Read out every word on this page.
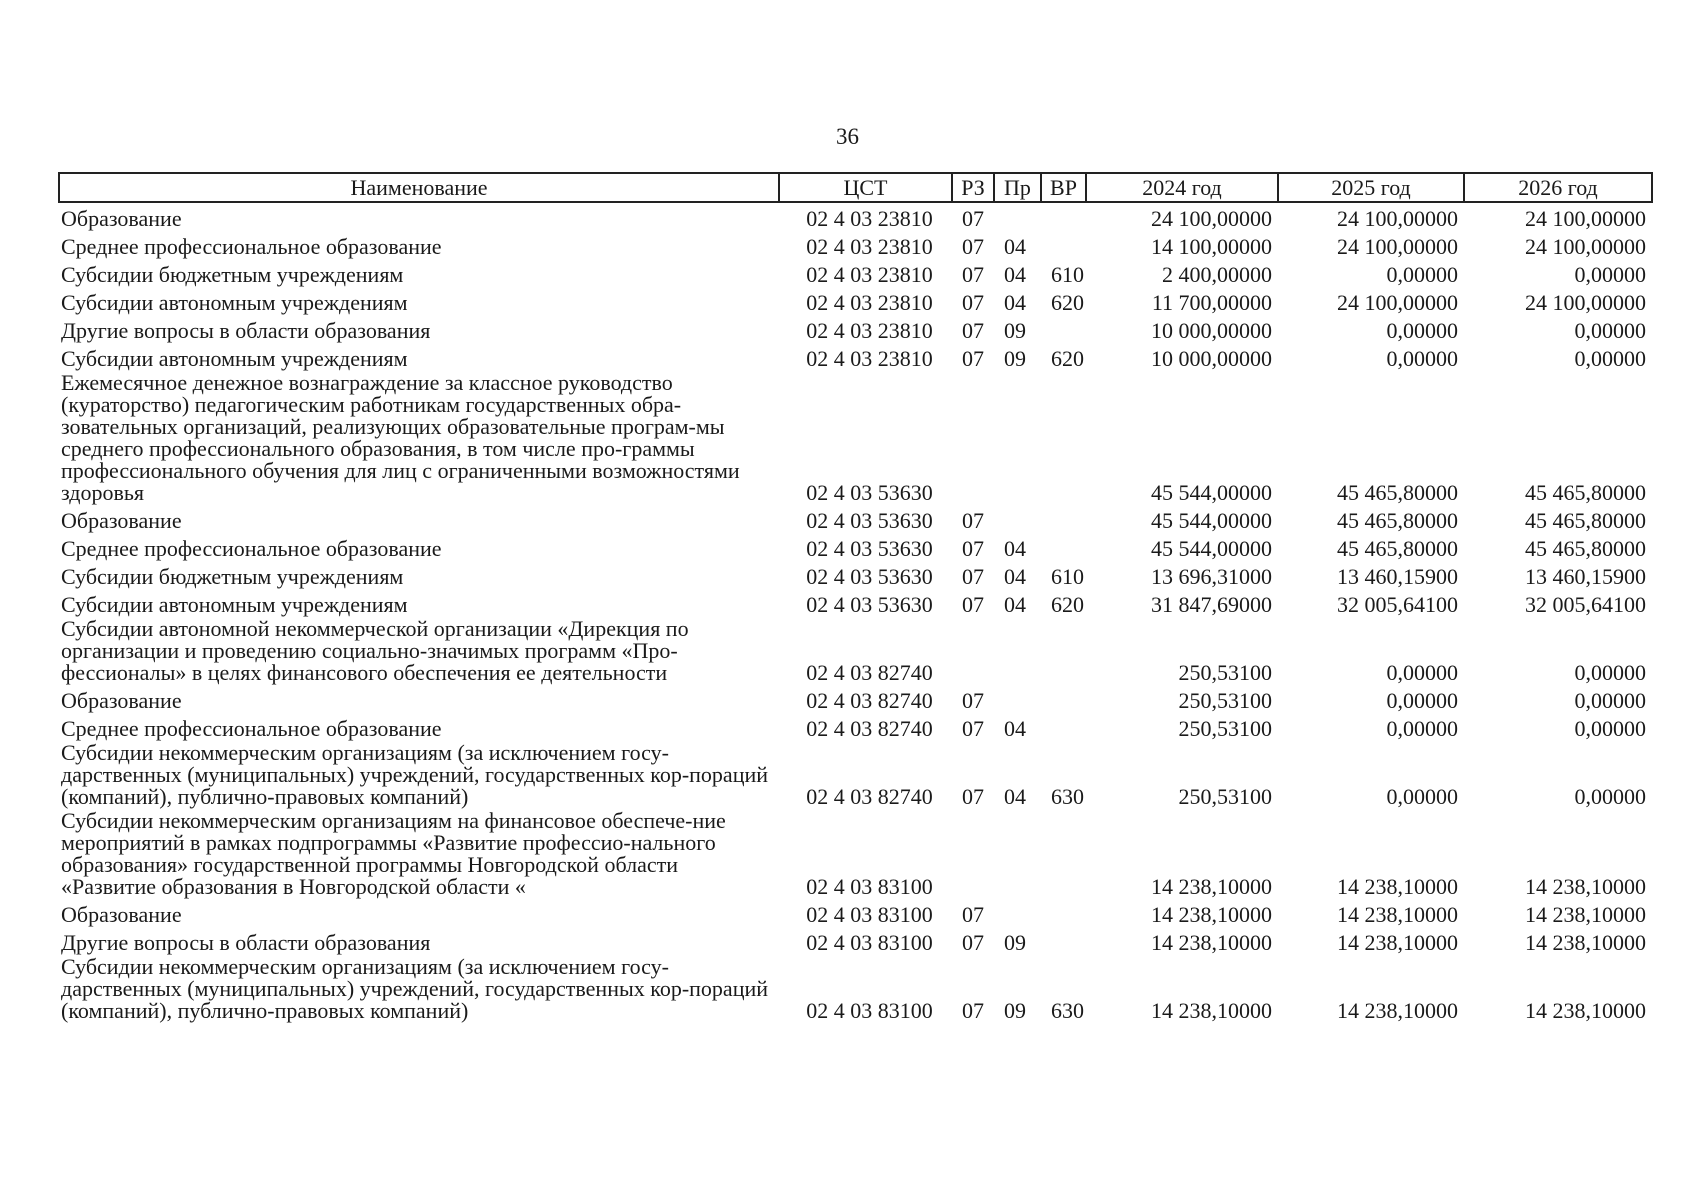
36
Наименование	ЦСТ	РЗ	Пр	ВР	2024 год	2025 год	2026 год
Образование	02 4 03 23810	07			24 100,00000	24 100,00000	24 100,00000
Среднее профессиональное образование	02 4 03 23810	07	04		14 100,00000	24 100,00000	24 100,00000
Субсидии бюджетным учреждениям	02 4 03 23810	07	04	610	2 400,00000	0,00000	0,00000
Субсидии автономным учреждениям	02 4 03 23810	07	04	620	11 700,00000	24 100,00000	24 100,00000
Другие вопросы в области образования	02 4 03 23810	07	09		10 000,00000	0,00000	0,00000
Субсидии автономным учреждениям	02 4 03 23810	07	09	620	10 000,00000	0,00000	0,00000
Ежемесячное денежное вознаграждение за классное руководство (кураторство) педагогическим работникам государственных обра-зовательных организаций, реализующих образовательные програм-мы среднего профессионального образования, в том числе про-граммы профессионального обучения для лиц с ограниченными возможностями здоровья	02 4 03 53630				45 544,00000	45 465,80000	45 465,80000
Образование	02 4 03 53630	07			45 544,00000	45 465,80000	45 465,80000
Среднее профессиональное образование	02 4 03 53630	07	04		45 544,00000	45 465,80000	45 465,80000
Субсидии бюджетным учреждениям	02 4 03 53630	07	04	610	13 696,31000	13 460,15900	13 460,15900
Субсидии автономным учреждениям	02 4 03 53630	07	04	620	31 847,69000	32 005,64100	32 005,64100
Субсидии автономной некоммерческой организации «Дирекция по организации и проведению социально-значимых программ «Про-фессионалы» в целях финансового обеспечения ее деятельности	02 4 03 82740				250,53100	0,00000	0,00000
Образование	02 4 03 82740	07			250,53100	0,00000	0,00000
Среднее профессиональное образование	02 4 03 82740	07	04		250,53100	0,00000	0,00000
Субсидии некоммерческим организациям (за исключением госу-дарственных (муниципальных) учреждений, государственных кор-пораций (компаний), публично-правовых компаний)	02 4 03 82740	07	04	630	250,53100	0,00000	0,00000
Субсидии некоммерческим организациям на финансовое обеспече-ние мероприятий в рамках подпрограммы «Развитие профессио-нального образования» государственной программы Новгородской области «Развитие образования в Новгородской области «	02 4 03 83100				14 238,10000	14 238,10000	14 238,10000
Образование	02 4 03 83100	07			14 238,10000	14 238,10000	14 238,10000
Другие вопросы в области образования	02 4 03 83100	07	09		14 238,10000	14 238,10000	14 238,10000
Субсидии некоммерческим организациям (за исключением госу-дарственных (муниципальных) учреждений, государственных кор-пораций (компаний), публично-правовых компаний)	02 4 03 83100	07	09	630	14 238,10000	14 238,10000	14 238,10000
